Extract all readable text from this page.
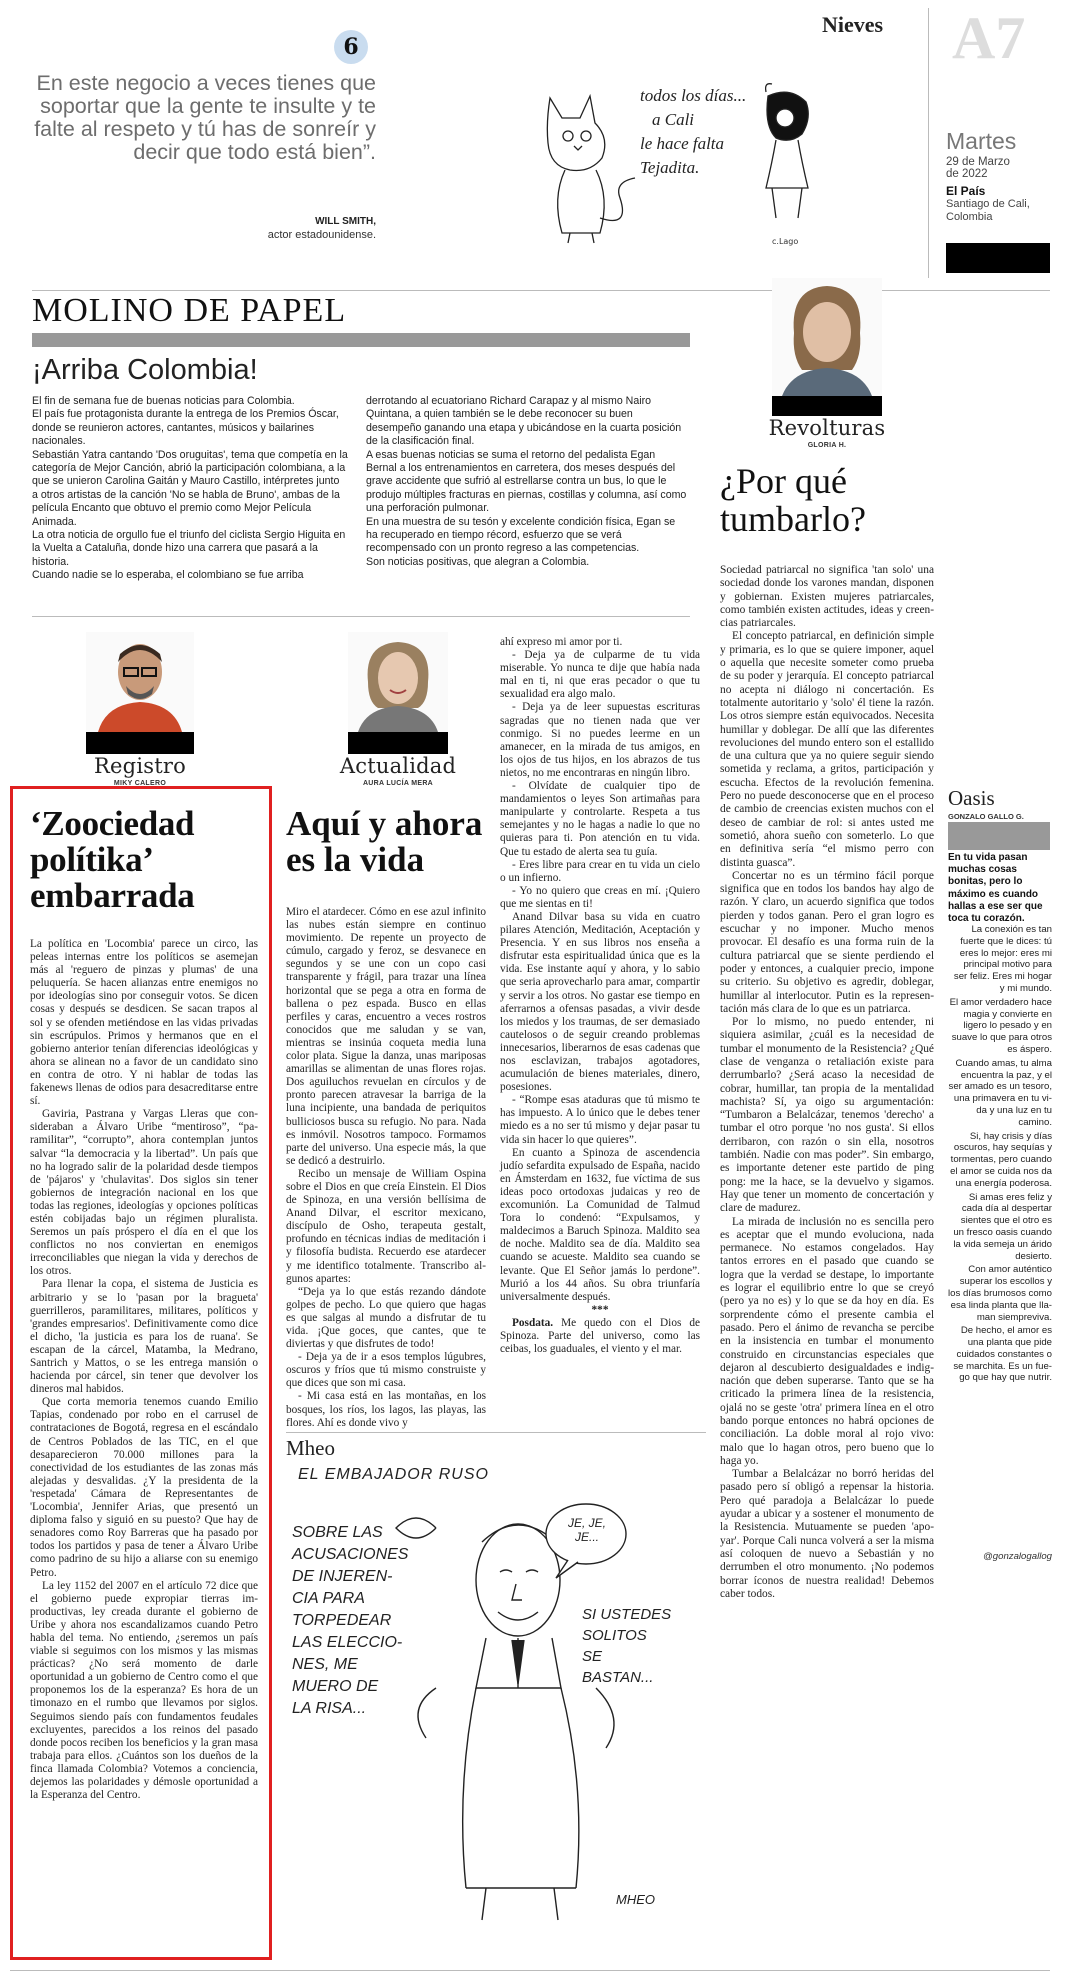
6
En este negocio a veces tienes que soportar que la gente te insulte y te falte al respeto y tú has de sonreír y decir que todo está bien”.
WILL SMITH,
actor estadounidense.
c.Lago
todos los días...
a Cali
le hace falta
Tejadita.
Nieves A7
Martes
29 de Marzo de 2022
El País
Santiago de Cali, Colombia
MOLINO DE PAPEL
¡Arriba Colombia!

El fin de semana fue de buenas noticias para Colombia.

El país fue protagonista durante la entrega de los Premios Óscar, donde se reunieron actores, cantantes, músicos y bailarines nacionales.

Sebastián Yatra cantando 'Dos oruguitas', tema que competía en la categoría de Mejor Canción, abrió la participación colombiana, a la que se unieron Carolina Gaitán y Mauro Castillo, intérpretes junto a otros artistas de la canción 'No se habla de Bruno', ambas de la película Encanto que obtuvo el premio como Mejor Película Animada.

La otra noticia de orgullo fue el triunfo del ciclista Sergio Higuita en la Vuelta a Cataluña, donde hizo una carrera que pasará a la historia.

Cuando nadie se lo esperaba, el colombiano se fue arriba

derrotando al ecuatoriano Richard Carapaz y al mismo Nairo Quintana, a quien también se le debe reconocer su buen desempeño ganando una etapa y ubicándose en la cuarta posición de la clasificación final.

A esas buenas noticias se suma el retorno del pedalista Egan Bernal a los entrenamientos en carretera, dos meses después del grave accidente que sufrió al estrellarse contra un bus, lo que le produjo múltiples fracturas en piernas, costillas y columna, así como una perforación pulmonar.

En una muestra de su tesón y excelente condición física, Egan se ha recuperado en tiempo récord, esfuerzo que se verá recompensado con un pronto regreso a las competencias.

Son noticias positivas, que alegran a Colombia.

Revolturas
GLORIA H.
¿Por qué
tumbarlo?

Sociedad patriarcal no significa 'tan solo' una sociedad donde los varones mandan, disponen y gobiernan. Existen mujeres patriarcales, como también existen actitudes, ideas y creencias patriarcales.

El concepto patriarcal, en definición simple y primaria, es lo que se quiere imponer, aquel o aquella que necesite someter como prueba de su poder y jerarquía. El concepto patriarcal no acepta ni diálogo ni concertación. Es totalmente autoritario y 'solo' él tiene la razón. Los otros siempre están equivocados. Necesita humillar y doblegar. De allí que las diferentes revoluciones del mundo entero son el estallido de una cultura que ya no quiere seguir siendo sometida y reclama, a gritos, participación y escucha. Efectos de la revolución femenina. Pero no puede desconocerse que en el proceso de cambio de creencias existen muchos con el deseo de cambiar de rol: si antes usted me sometió, ahora sueño con someterlo. Lo que en definitiva sería “el mismo perro con distinta guasca”.

Concertar no es un término fácil porque significa que en todos los bandos hay algo de razón. Y claro, un acuerdo significa que todos pierden y todos ganan. Pero el gran logro es escuchar y no imponer. Mucho menos provocar. El desafío es una forma ruin de la cultura patriarcal que se siente perdiendo el poder y entonces, a cualquier precio, impone su criterio. Su objetivo es agredir, doblegar, humillar al interlocutor. Putin es la representación más clara de lo que es un patriarca.

Por lo mismo, no puedo entender, ni siquiera asimilar, ¿cuál es la necesidad de tumbar el monumento de la Resistencia? ¿Qué clase de venganza o retaliación existe para derrumbarlo? ¿Será acaso la necesidad de cobrar, humillar, tan propia de la mentalidad machista? Sí, ya oigo su argumentación: “Tumbaron a Belalcázar, tenemos 'derecho' a tumbar el otro porque 'no nos gusta'. Si ellos derribaron, con razón o sin ella, nosotros también. Nadie con mas poder”. Sin embargo, es importante detener este partido de ping pong: me la hace, se la devuelvo y sigamos. Hay que tener un momento de concertación y clare de madurez.

La mirada de inclusión no es sencilla pero es aceptar que el mundo evoluciona, nada permanece. No estamos congelados. Hay tantos errores en el pasado que cuando se logra que la verdad se destape, lo importante es lograr el equilibrio entre lo que se creyó (pero ya no es) y lo que se da hoy en día. Es sorprendente cómo el presente cambia el pasado. Pero el ánimo de revancha se percibe en la insistencia en tumbar el monumento construido en circunstancias especiales que dejaron al descubierto desigualdades e indignación que deben superarse. Tanto que se ha criticado la primera línea de la resistencia, ojalá no se geste 'otra' primera línea en el otro bando porque entonces no habrá opciones de conciliación. La doble moral al rojo vivo: malo que lo hagan otros, pero bueno que lo haga yo.

Tumbar a Belalcázar no borró heridas del pasado pero sí obligó a repensar la historia. Pero qué paradoja a Belalcázar lo puede ayudar a ubicar y a sostener el monumento de la Resistencia. Mutuamente se pueden 'apoyar'. Porque Cali nunca volverá a ser la misma así coloquen de nuevo a Sebastián y no derrumben el otro monumento. ¡No podemos borrar íconos de nuestra realidad! Debemos caber todos.

Oasis
GONZALO GALLO G.
En tu vida pasan muchas cosas bonitas, pero lo máximo es cuando hallas a ese ser que toca tu corazón.

La conexión es tan fuerte que le dices: tú eres lo mejor: eres mi principal motivo para ser feliz. Eres mi hogar y mi mundo.

El amor verdadero hace magia y convierte en ligero lo pesado y en suave lo que para otros es áspero.

Cuando amas, tu alma encuentra la paz, y el ser amado es un tesoro, una primavera en tu vida y una luz en tu camino.

Si, hay crisis y días oscuros, hay sequías y tormentas, pero cuando el amor se cuida nos da una energía poderosa.

Si amas eres feliz y cada día al despertar sientes que el otro es un fresco oasis cuando la vida semeja un árido desierto.

Con amor auténtico superar los escollos y los días brumosos como esa linda planta que llaman siempreviva.

De hecho, el amor es una planta que pide cuidados constantes o se marchita. Es un fuego que hay que nutrir.

@gonzalogallog
Registro
MIKY CALERO
‘Zoociedad
polítika’
embarrada

La política en 'Locombia' parece un circo, las peleas internas entre los políticos se asemejan más al 'reguero de pinzas y plumas' de una peluquería. Se hacen alianzas entre enemigos no por ideologías sino por conseguir votos. Se dicen cosas y después se desdicen. Se sacan trapos al sol y se ofenden metiéndose en las vidas privadas sin escrúpulos. Primos y hermanos que en el gobierno anterior tenían diferencias ideológicas y ahora se alinean no a favor de un candidato sino en contra de otro. Y ni hablar de todas las fakenews llenas de odios para desacreditarse entre sí.

Gaviria, Pastrana y Vargas Lleras que consideraban a Álvaro Uribe “mentiroso”, “paramilitar”, “corrupto”, ahora contemplan juntos salvar “la democracia y la libertad”. Un país que no ha logrado salir de la polaridad desde tiempos de 'pájaros' y 'chulavitas'. Dos siglos sin tener gobiernos de integración nacional en los que todas las regiones, ideologías y opciones políticas estén cobijadas bajo un régimen pluralista. Seremos un país próspero el día en el que los conflictos no nos conviertan en enemigos irreconciliables que niegan la vida y derechos de los otros.

Para llenar la copa, el sistema de Justicia es arbitrario y se lo 'pasan por la bragueta' guerrilleros, paramilitares, militares, políticos y 'grandes empresarios'. Definitivamente como dice el dicho, 'la justicia es para los de ruana'. Se escapan de la cárcel, Matamba, la Medrano, Santrich y Mattos, o se les entrega mansión o hacienda por cárcel, sin tener que devolver los dineros mal habidos.

Que corta memoria tenemos cuando Emilio Tapias, condenado por robo en el carrusel de contrataciones de Bogotá, regresa en el escándalo de Centros Poblados de las TIC, en el que desaparecieron 70.000 millones para la conectividad de los estudiantes de las zonas más alejadas y desvalidas. ¿Y la presidenta de la 'respetada' Cámara de Representantes de 'Locombia', Jennifer Arias, que presentó un diploma falso y siguió en su puesto? Que hay de senadores como Roy Barreras que ha pasado por todos los partidos y pasa de tener a Álvaro Uribe como padrino de su hijo a aliarse con su enemigo Petro.

La ley 1152 del 2007 en el artículo 72 dice que el gobierno puede expropiar tierras improductivas, ley creada durante el gobierno de Uribe y ahora nos escandalizamos cuando Petro habla del tema. No entiendo, ¿seremos un país viable si seguimos con los mismos y las mismas prácticas? ¿No será momento de darle oportunidad a un gobierno de Centro como el que proponemos los de la esperanza? Es hora de un timonazo en el rumbo que llevamos por siglos. Seguimos siendo país con fundamentos feudales excluyentes, parecidos a los reinos del pasado donde pocos reciben los beneficios y la gran masa trabaja para ellos. ¿Cuántos son los dueños de la finca llamada Colombia? Votemos a conciencia, dejemos las polaridades y démosle oportunidad a la Esperanza del Centro.

Actualidad
AURA LUCÍA MERA
Aquí y ahora
es la vida

Miro el atardecer. Cómo en ese azul infinito las nubes están siempre en continuo movimiento. De repente un proyecto de cúmulo, cargado y feroz, se desvanece en segundos y se une con un copo casi transparente y frágil, para trazar una línea horizontal que se pega a otra en forma de ballena o pez espada. Busco en ellas perfiles y caras, encuentro a veces rostros conocidos que me saludan y se van, mientras se insinúa coqueta media luna color plata. Sigue la danza, unas mariposas amarillas se alimentan de unas flores rojas. Dos aguiluchos revuelan en círculos y de pronto parecen atravesar la barriga de la luna incipiente, una bandada de periquitos bulliciosos busca su refugio. No para. Nada es inmóvil. Nosotros tampoco. Formamos parte del universo. Una especie más, la que se dedicó a destruirlo.

Recibo un mensaje de William Ospina sobre el Dios en que creía Einstein. El Dios de Spinoza, en una versión bellísima de Anand Dilvar, el escritor mexicano, discípulo de Osho, terapeuta gestalt, profundo en técnicas indias de meditación i y filosofía budista. Recuerdo ese atardecer y me identifico totalmente. Transcribo algunos apartes:

“Deja ya lo que estás rezando dándote golpes de pecho. Lo que quiero que hagas es que salgas al mundo a disfrutar de tu vida. ¡Que goces, que cantes, que te diviertas y que disfrutes de todo!

- Deja ya de ir a esos templos lúgubres, oscuros y fríos que tú mismo construiste y que dices que son mi casa.

- Mi casa está en las montañas, en los bosques, los ríos, los lagos, las playas, las flores. Ahí es donde vivo y

ahí expreso mi amor por ti.

- Deja ya de culparme de tu vida miserable. Yo nunca te dije que había nada mal en ti, ni que eras pecador o que tu sexualidad era algo malo.

- Deja ya de leer supuestas escrituras sagradas que no tienen nada que ver conmigo. Si no puedes leerme en un amanecer, en la mirada de tus amigos, en los ojos de tus hijos, en los abrazos de tus nietos, no me encontraras en ningún libro.

- Olvídate de cualquier tipo de mandamientos o leyes Son artimañas para manipularte y controlarte. Respeta a tus semejantes y no le hagas a nadie lo que no quieras para ti. Pon atención en tu vida. Que tu estado de alerta sea tu guía.

- Eres libre para crear en tu vida un cielo o un infierno.

- Yo no quiero que creas en mí. ¡Quiero que me sientas en ti!

Anand Dilvar basa su vida en cuatro pilares Atención, Meditación, Aceptación y Presencia. Y en sus libros nos enseña a disfrutar esta espiritualidad única que es la vida. Ese instante aquí y ahora, y lo sabio que seria aprovecharlo para amar, compartir y servir a los otros. No gastar ese tiempo en aferrarnos a ofensas pasadas, a vivir desde los miedos y los traumas, de ser demasiado cautelosos o de seguir creando problemas innecesarios, liberarnos de esas cadenas que nos esclavizan, trabajos agotadores, acumulación de bienes materiales, dinero, posesiones.

- “Rompe esas ataduras que tú mismo te has impuesto. A lo único que le debes tener miedo es a no ser tú mismo y dejar pasar tu vida sin hacer lo que quieres”.

En cuanto a Spinoza de ascendencia judío sefardita expulsado de España, nacido en Ámsterdam en 1632, fue víctima de sus ideas poco ortodoxas judaicas y reo de excomunión. La Comunidad de Talmud Tora lo condenó: “Expulsamos, y maldecimos a Baruch Spinoza. Maldito sea de noche. Maldito sea de día. Maldito sea cuando se acueste. Maldito sea cuando se levante. Que El Señor jamás lo perdone”. Murió a los 44 años. Su obra triunfaría universalmente después.

***

Posdata. Me quedo con el Dios de Spinoza. Parte del universo, como las ceibas, los guaduales, el viento y el mar.

Mheo
EL EMBAJADOR RUSO
JE, JE, JE...
SOBRE LAS
ACUSACIONES
DE INJEREN-
CIA PARA
TORPEDEAR
LAS ELECCIO-
NES, ME
MUERO DE
LA RISA...
SI USTEDES
SOLITOS
SE
BASTAN...
MHEO
